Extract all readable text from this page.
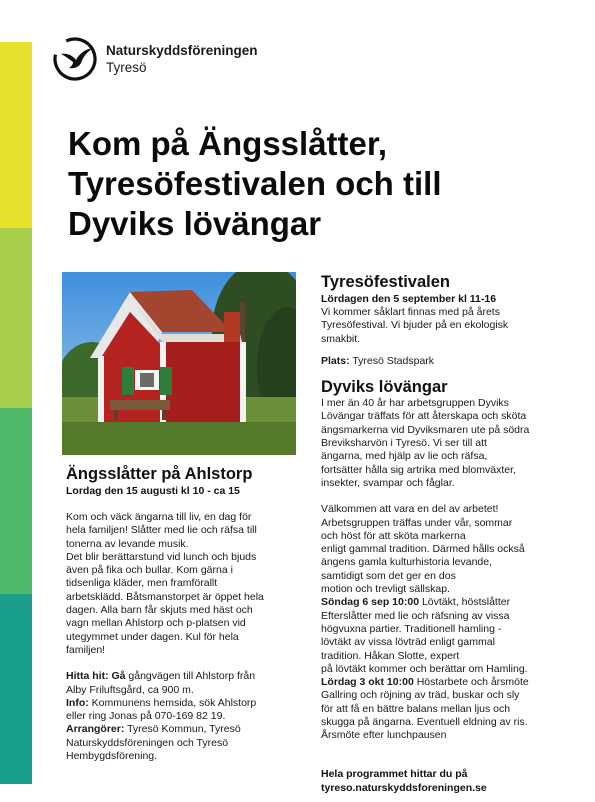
Naturskyddsföreningen
Tyresö
Kom på Ängsslåtter,
Tyresöfestivalen och till
Dyviks lövängar
Ängsslåtter på Ahlstorp
Lordag den 15 augusti kl 10 - ca 15
Kom och väck ängarna till liv, en dag för
hela familjen! Slåtter med lie och räfsa till
tonerna av levande musik.
Det blir berättarstund vid lunch och bjuds
även på fika och bullar. Kom gärna i
tidsenliga kläder, men framförallt
arbetsklädd. Båtsmanstorpet är öppet hela
dagen. Alla barn får skjuts med häst och
vagn mellan Ahlstorp och p-platsen vid
utegymmet under dagen. Kul för hela
familjen!
Hitta hit: Gå gångvägen till Ahlstorp från
Alby Friluftsgård, ca 900 m.
Info: Kommunens hemsida, sök Ahlstorp
eller ring Jonas på 070-169 82 19.
Arrangörer: Tyresö Kommun, Tyresö
Naturskyddsföreningen och Tyresö
Hembygdsförening.
Tyresöfestivalen
Lördagen den 5 september kl 11-16
Vi kommer såklart finnas med på årets
Tyresöfestival. Vi bjuder på en ekologisk
smakbit.
Plats: Tyresö Stadspark
Dyviks lövängar
I mer än 40 år har arbetsgruppen Dyviks
Lövängar träffats för att återskapa och sköta
ängsmarkerna vid Dyviksmaren ute på södra
Breviksharvön i Tyresö. Vi ser till att
ängarna, med hjälp av lie och räfsa,
fortsätter hålla sig artrika med blomväxter,
insekter, svampar och fåglar.
Välkommen att vara en del av arbetet!
Arbetsgruppen träffas under vår, sommar
och höst för att sköta markerna
enligt gammal tradition. Därmed hålls också
ängens gamla kulturhistoria levande,
samtidigt som det ger en dos
motion och trevligt sällskap.
Söndag 6 sep 10:00 Lövtäkt, höstslåtter
Efterslåtter med lie och räfsning av vissa
högvuxna partier. Traditionell hamling -
lövtäkt av vissa lövträd enligt gammal
tradition. Håkan Slotte, expert
på lövtäkt kommer och berättar om Hamling.
Lördag 3 okt 10:00 Höstarbete och årsmöte
Gallring och röjning av träd, buskar och sly
för att få en bättre balans mellan ljus och
skugga på ängarna. Eventuell eldning av ris.
Årsmöte efter lunchpausen
Hela programmet hittar du på
tyreso.naturskyddsforeningen.se
